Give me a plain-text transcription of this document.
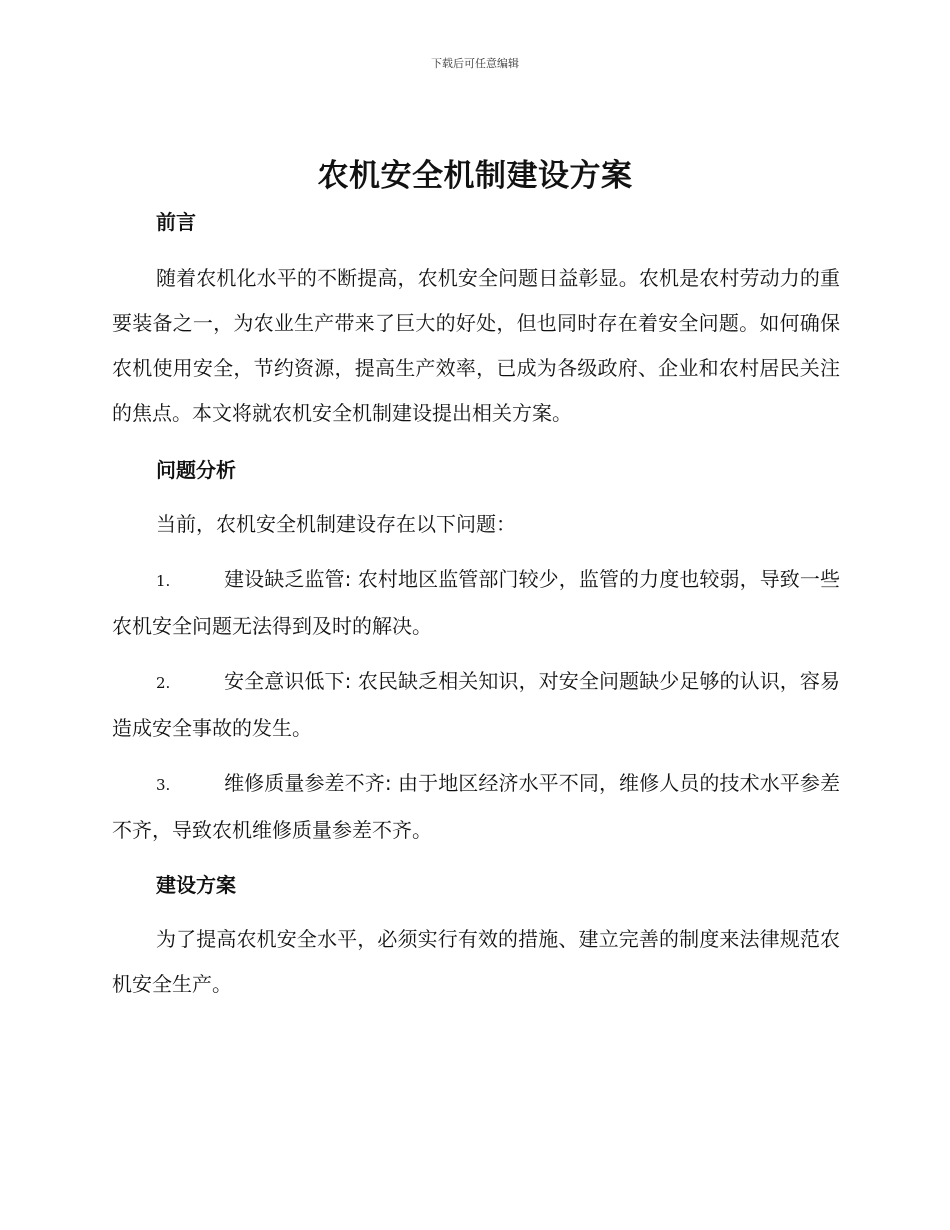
下载后可任意编辑
农机安全机制建设方案
前言

随着农机化水平的不断提高，农机安全问题日益彰显。农机是农村劳动力的重要装备之一，为农业生产带来了巨大的好处，但也同时存在着安全问题。如何确保农机使用安全，节约资源，提高生产效率，已成为各级政府、企业和农村居民关注的焦点。本文将就农机安全机制建设提出相关方案。

问题分析

当前，农机安全机制建设存在以下问题：

1.	建设缺乏监管: 农村地区监管部门较少，监管的力度也较弱，导致一些农机安全问题无法得到及时的解决。

2.	安全意识低下: 农民缺乏相关知识，对安全问题缺少足够的认识，容易造成安全事故的发生。

3.	维修质量参差不齐: 由于地区经济水平不同，维修人员的技术水平参差不齐，导致农机维修质量参差不齐。

建设方案

为了提高农机安全水平，必须实行有效的措施、建立完善的制度来法律规范农机安全生产。
